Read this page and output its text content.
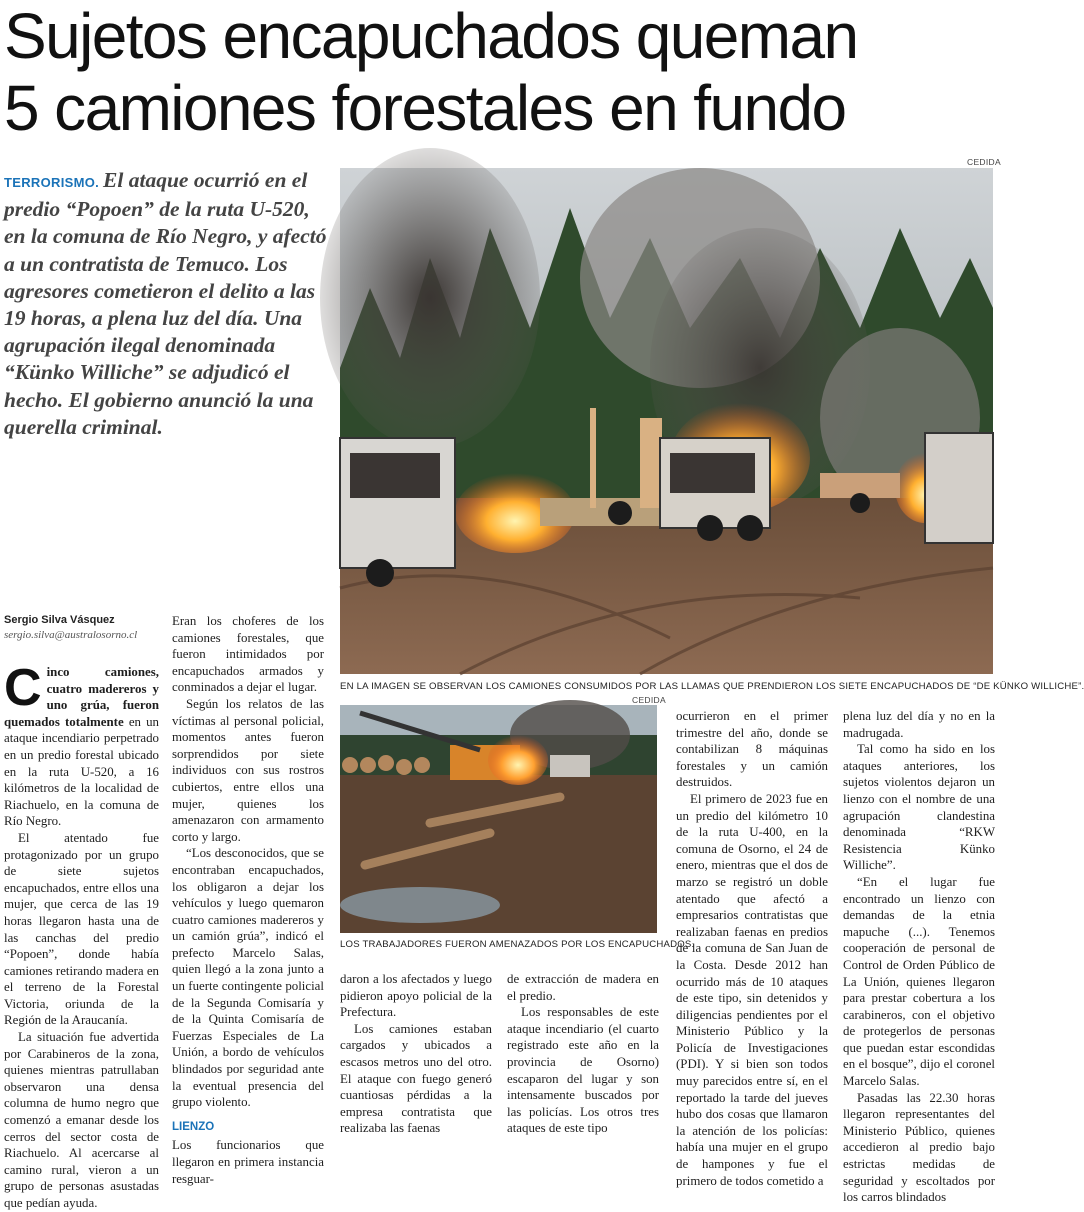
Sujetos encapuchados queman
5 camiones forestales en fundo
TERRORISMO. El ataque ocurrió en el predio “Popoen” de la ruta U-520, en la comuna de Río Negro, y afectó a un contratista de Temuco. Los agresores cometieron el delito a las 19 horas, a plena luz del día. Una agrupación ilegal denominada “Künko Williche” se adjudicó el hecho. El gobierno anunció la una querella criminal.
Sergio Silva Vásquez
sergio.silva@australosorno.cl
CEDIDA
EN LA IMAGEN SE OBSERVAN LOS CAMIONES CONSUMIDOS POR LAS LLAMAS QUE PRENDIERON LOS SIETE ENCAPUCHADOS DE “DE KÜNKO WILLICHE”.
CEDIDA
LOS TRABAJADORES FUERON AMENAZADOS POR LOS ENCAPUCHADOS.

Cinco camiones, cuatro madereros y uno grúa, fueron quemados totalmente en un ataque incendiario perpetrado en un predio forestal ubicado en la ruta U-520, a 16 kilómetros de la localidad de Riachuelo, en la comuna de Río Negro.

El atentado fue protagonizado por un grupo de siete sujetos encapuchados, entre ellos una mujer, que cerca de las 19 horas llegaron hasta una de las canchas del predio “Popoen”, donde había camiones retirando madera en el terreno de la Forestal Victoria, oriunda de la Región de la Araucanía.

La situación fue advertida por Carabineros de la zona, quienes mientras patrullaban observaron una densa columna de humo negro que comenzó a emanar desde los cerros del sector costa de Riachuelo. Al acercarse al camino rural, vieron a un grupo de personas asustadas que pedían ayuda.

Eran los choferes de los camiones forestales, que fueron intimidados por encapuchados armados y conminados a dejar el lugar.

Según los relatos de las víctimas al personal policial, momentos antes fueron sorprendidos por siete individuos con sus rostros cubiertos, entre ellos una mujer, quienes los amenazaron con armamento corto y largo.

“Los desconocidos, que se encontraban encapuchados, los obligaron a dejar los vehículos y luego quemaron cuatro camiones madereros y un camión grúa”, indicó el prefecto Marcelo Salas, quien llegó a la zona junto a un fuerte contingente policial de la Segunda Comisaría y de la Quinta Comisaría de Fuerzas Especiales de La Unión, a bordo de vehículos blindados por seguridad ante la eventual presencia del grupo violento.

LIENZO

Los funcionarios que llegaron en primera instancia resguar-

daron a los afectados y luego pidieron apoyo policial de la Prefectura.

Los camiones estaban cargados y ubicados a escasos metros uno del otro. El ataque con fuego generó cuantiosas pérdidas a la empresa contratista que realizaba las faenas

de extracción de madera en el predio.

Los responsables de este ataque incendiario (el cuarto registrado este año en la provincia de Osorno) escaparon del lugar y son intensamente buscados por las policías. Los otros tres ataques de este tipo

ocurrieron en el primer trimestre del año, donde se contabilizan 8 máquinas forestales y un camión destruidos.

El primero de 2023 fue en un predio del kilómetro 10 de la ruta U-400, en la comuna de Osorno, el 24 de enero, mientras que el dos de marzo se registró un doble atentado que afectó a empresarios contratistas que realizaban faenas en predios de la comuna de San Juan de la Costa. Desde 2012 han ocurrido más de 10 ataques de este tipo, sin detenidos y diligencias pendientes por el Ministerio Público y la Policía de Investigaciones (PDI). Y si bien son todos muy parecidos entre sí, en el reportado la tarde del jueves hubo dos cosas que llamaron la atención de los policías: había una mujer en el grupo de hampones y fue el primero de todos cometido a

plena luz del día y no en la madrugada.

Tal como ha sido en los ataques anteriores, los sujetos violentos dejaron un lienzo con el nombre de una agrupación clandestina denominada “RKW Resistencia Künko Williche”.

“En el lugar fue encontrado un lienzo con demandas de la etnia mapuche (...). Tenemos cooperación de personal de Control de Orden Público de La Unión, quienes llegaron para prestar cobertura a los carabineros, con el objetivo de protegerlos de personas que puedan estar escondidas en el bosque”, dijo el coronel Marcelo Salas.

Pasadas las 22.30 horas llegaron representantes del Ministerio Público, quienes accedieron al predio bajo estrictas medidas de seguridad y escoltados por los carros blindados
